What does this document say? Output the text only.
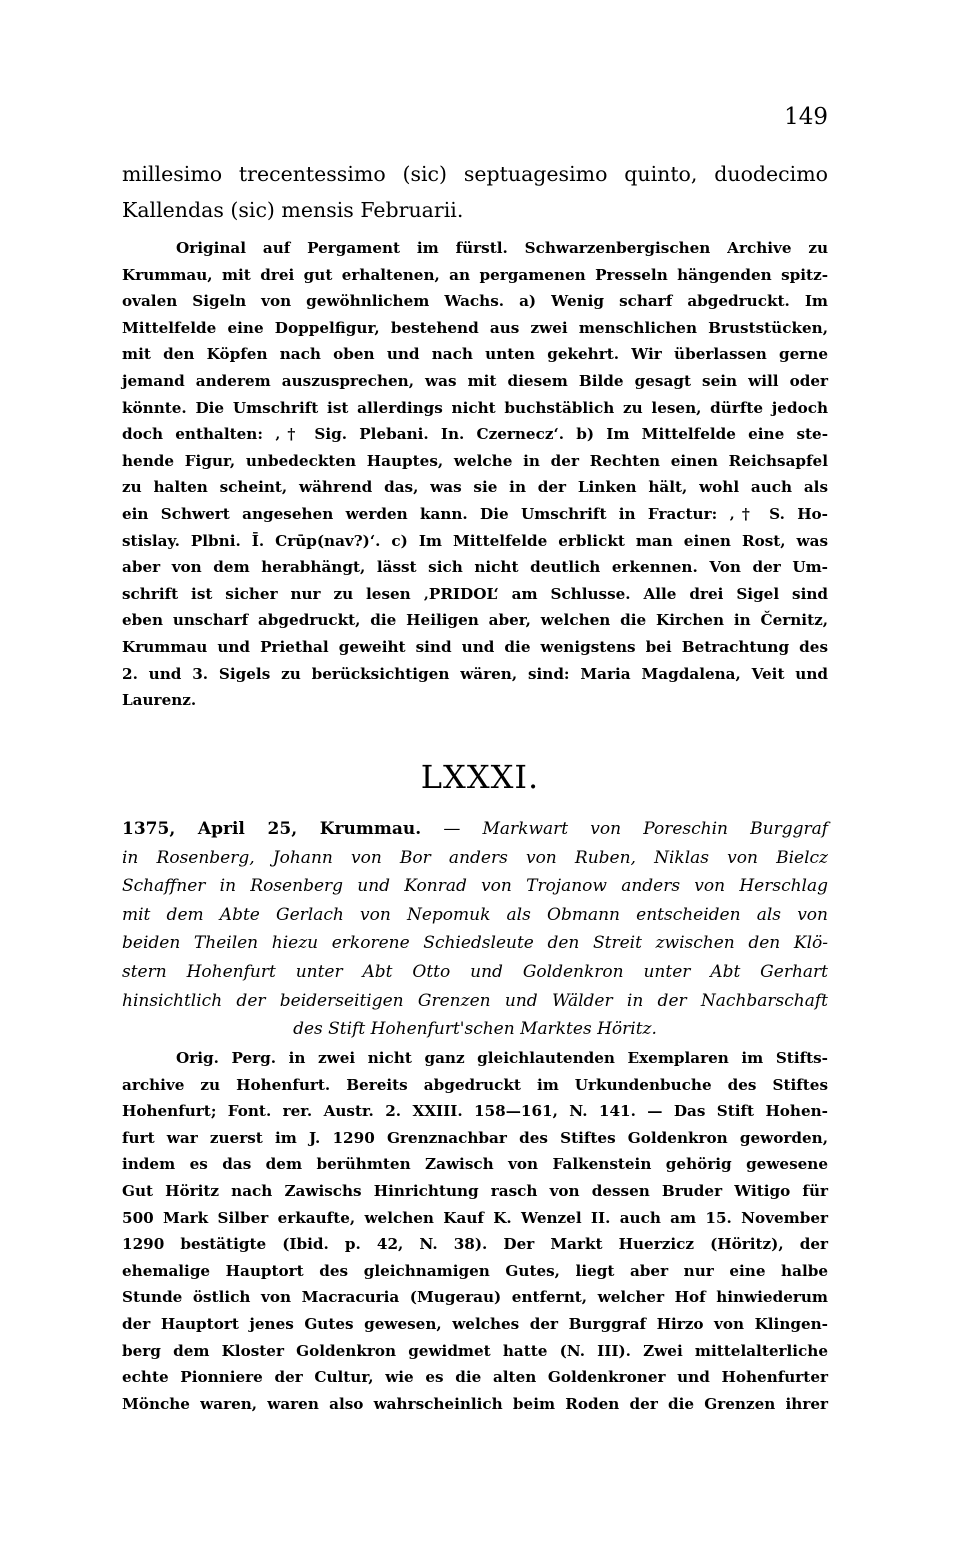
149
millesimo trecentessimo (sic) septuagesimo quinto, duodecimo
Kallendas (sic) mensis Februarii.
Original auf Pergament im fürstl. Schwarzenbergischen Archive zu
Krummau, mit drei gut erhaltenen, an pergamenen Presseln hängenden spitz-
ovalen Sigeln von gewöhnlichem Wachs. a) Wenig scharf abgedruckt. Im
Mittelfelde eine Doppelfigur, bestehend aus zwei menschlichen Bruststücken,
mit den Köpfen nach oben und nach unten gekehrt. Wir überlassen gerne
jemand anderem auszusprechen, was mit diesem Bilde gesagt sein will oder
könnte. Die Umschrift ist allerdings nicht buchstäblich zu lesen, dürfte jedoch
doch enthalten: ‚† Sig. Plebani. In. Czernecz‘. b) Im Mittelfelde eine ste-
hende Figur, unbedeckten Hauptes, welche in der Rechten einen Reichsapfel
zu halten scheint, während das, was sie in der Linken hält, wohl auch als
ein Schwert angesehen werden kann. Die Umschrift in Fractur: ‚† S. Ho-
stislay. Plbni. Ī. Crūp(nav?)‘. c) Im Mittelfelde erblickt man einen Rost, was
aber von dem herabhängt, lässt sich nicht deutlich erkennen. Von der Um-
schrift ist sicher nur zu lesen ‚PRIDOL‘ am Schlusse. Alle drei Sigel sind
eben unscharf abgedruckt, die Heiligen aber, welchen die Kirchen in Černitz,
Krummau und Priethal geweiht sind und die wenigstens bei Betrachtung des
2. und 3. Sigels zu berücksichtigen wären, sind: Maria Magdalena, Veit und
Laurenz.
LXXXI.
1375, April 25, Krummau. — Markwart von Poreschin Burggraf
in Rosenberg, Johann von Bor anders von Ruben, Niklas von Bielcz
Schaffner in Rosenberg und Konrad von Trojanow anders von Herschlag
mit dem Abte Gerlach von Nepomuk als Obmann entscheiden als von
beiden Theilen hiezu erkorene Schiedsleute den Streit zwischen den Klö-
stern Hohenfurt unter Abt Otto und Goldenkron unter Abt Gerhart
hinsichtlich der beiderseitigen Grenzen und Wälder in der Nachbarschaft
des Stift Hohenfurt'schen Marktes Höritz.
Orig. Perg. in zwei nicht ganz gleichlautenden Exemplaren im Stifts-
archive zu Hohenfurt. Bereits abgedruckt im Urkundenbuche des Stiftes
Hohenfurt; Font. rer. Austr. 2. XXIII. 158—161, N. 141. — Das Stift Hohen-
furt war zuerst im J. 1290 Grenznachbar des Stiftes Goldenkron geworden,
indem es das dem berühmten Zawisch von Falkenstein gehörig gewesene
Gut Höritz nach Zawischs Hinrichtung rasch von dessen Bruder Witigo für
500 Mark Silber erkaufte, welchen Kauf K. Wenzel II. auch am 15. November
1290 bestätigte (Ibid. p. 42, N. 38). Der Markt Huerzicz (Höritz), der
ehemalige Hauptort des gleichnamigen Gutes, liegt aber nur eine halbe
Stunde östlich von Macracuria (Mugerau) entfernt, welcher Hof hinwiederum
der Hauptort jenes Gutes gewesen, welches der Burggraf Hirzo von Klingen-
berg dem Kloster Goldenkron gewidmet hatte (N. III). Zwei mittelalterliche
echte Pionniere der Cultur, wie es die alten Goldenkroner und Hohenfurter
Mönche waren, waren also wahrscheinlich beim Roden der die Grenzen ihrer
